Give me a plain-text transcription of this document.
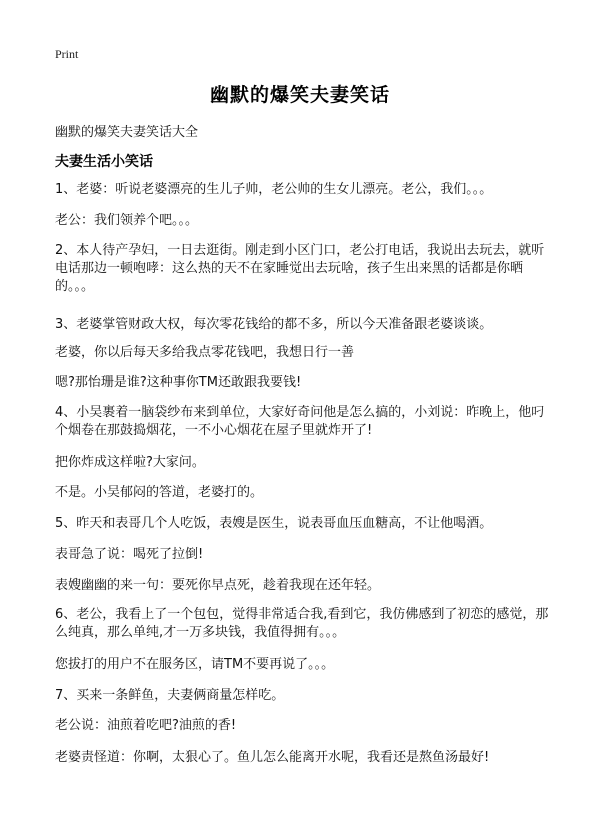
Print
幽默的爆笑夫妻笑话
幽默的爆笑夫妻笑话大全
夫妻生活小笑话
1、老婆：听说老婆漂亮的生儿子帅，老公帅的生女儿漂亮。老公，我们。。。
老公：我们领养个吧。。。
2、本人待产孕妇，一日去逛街。刚走到小区门口，老公打电话，我说出去玩去，就听电话那边一顿咆哮：这么热的天不在家睡觉出去玩啥，孩子生出来黑的话都是你晒的。。。
3、老婆掌管财政大权，每次零花钱给的都不多，所以今天准备跟老婆谈谈。
老婆，你以后每天多给我点零花钱吧，我想日行一善
嗯?那怡珊是谁?这种事你TM还敢跟我要钱!
4、小吴裹着一脑袋纱布来到单位，大家好奇问他是怎么搞的，小刘说：昨晚上，他叼个烟卷在那鼓捣烟花，一不小心烟花在屋子里就炸开了!
把你炸成这样啦?大家问。
不是。小吴郁闷的答道，老婆打的。
5、昨天和表哥几个人吃饭，表嫂是医生，说表哥血压血糖高，不让他喝酒。
表哥急了说：喝死了拉倒!
表嫂幽幽的来一句：要死你早点死，趁着我现在还年轻。
6、老公，我看上了一个包包，觉得非常适合我,看到它，我仿佛感到了初恋的感觉，那么纯真，那么单纯,才一万多块钱，我值得拥有。。。
您拔打的用户不在服务区，请TM不要再说了。。。
7、买来一条鲜鱼，夫妻俩商量怎样吃。
老公说：油煎着吃吧?油煎的香!
老婆责怪道：你啊，太狠心了。鱼儿怎么能离开水呢，我看还是熬鱼汤最好!
